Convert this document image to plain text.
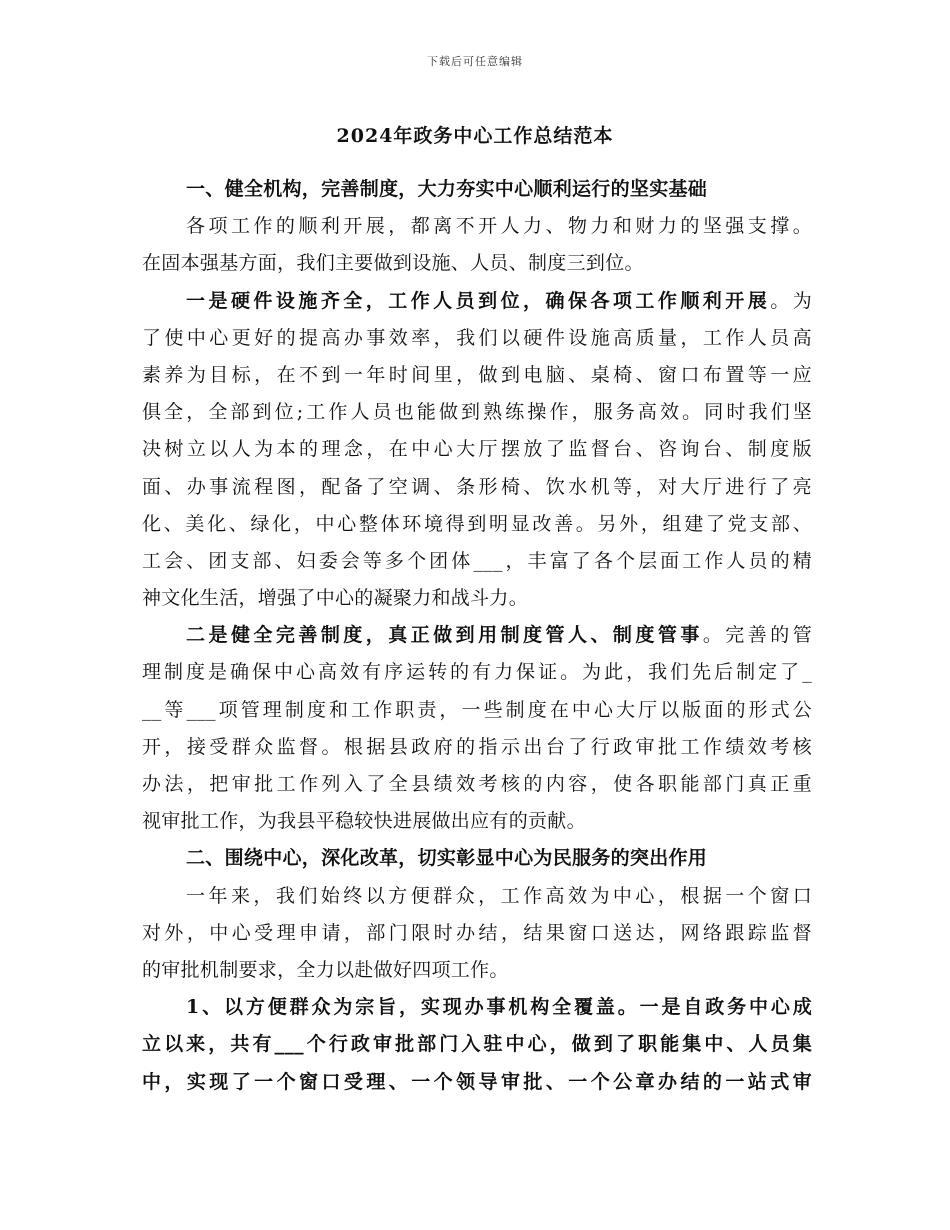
下载后可任意编辑
2024年政务中心工作总结范本
一、健全机构，完善制度，大力夯实中心顺利运行的坚实基础
各项工作的顺利开展，都离不开人力、物力和财力的坚强支撑。
在固本强基方面，我们主要做到设施、人员、制度三到位。
一是硬件设施齐全，工作人员到位，确保各项工作顺利开展。为
了使中心更好的提高办事效率，我们以硬件设施高质量，工作人员高
素养为目标，在不到一年时间里，做到电脑、桌椅、窗口布置等一应
俱全，全部到位;工作人员也能做到熟练操作，服务高效。同时我们坚
决树立以人为本的理念，在中心大厅摆放了监督台、咨询台、制度版
面、办事流程图，配备了空调、条形椅、饮水机等，对大厅进行了亮
化、美化、绿化，中心整体环境得到明显改善。另外，组建了党支部、
工会、团支部、妇委会等多个团体___，丰富了各个层面工作人员的精
神文化生活，增强了中心的凝聚力和战斗力。
二是健全完善制度，真正做到用制度管人、制度管事。完善的管
理制度是确保中心高效有序运转的有力保证。为此，我们先后制定了_
__等___项管理制度和工作职责，一些制度在中心大厅以版面的形式公
开，接受群众监督。根据县政府的指示出台了行政审批工作绩效考核
办法，把审批工作列入了全县绩效考核的内容，使各职能部门真正重
视审批工作，为我县平稳较快进展做出应有的贡献。
二、围绕中心，深化改革，切实彰显中心为民服务的突出作用
一年来，我们始终以方便群众，工作高效为中心，根据一个窗口
对外，中心受理申请，部门限时办结，结果窗口送达，网络跟踪监督
的审批机制要求，全力以赴做好四项工作。
1、以方便群众为宗旨，实现办事机构全覆盖。一是自政务中心成
立以来，共有___个行政审批部门入驻中心，做到了职能集中、人员集
中，实现了一个窗口受理、一个领导审批、一个公章办结的一站式审
